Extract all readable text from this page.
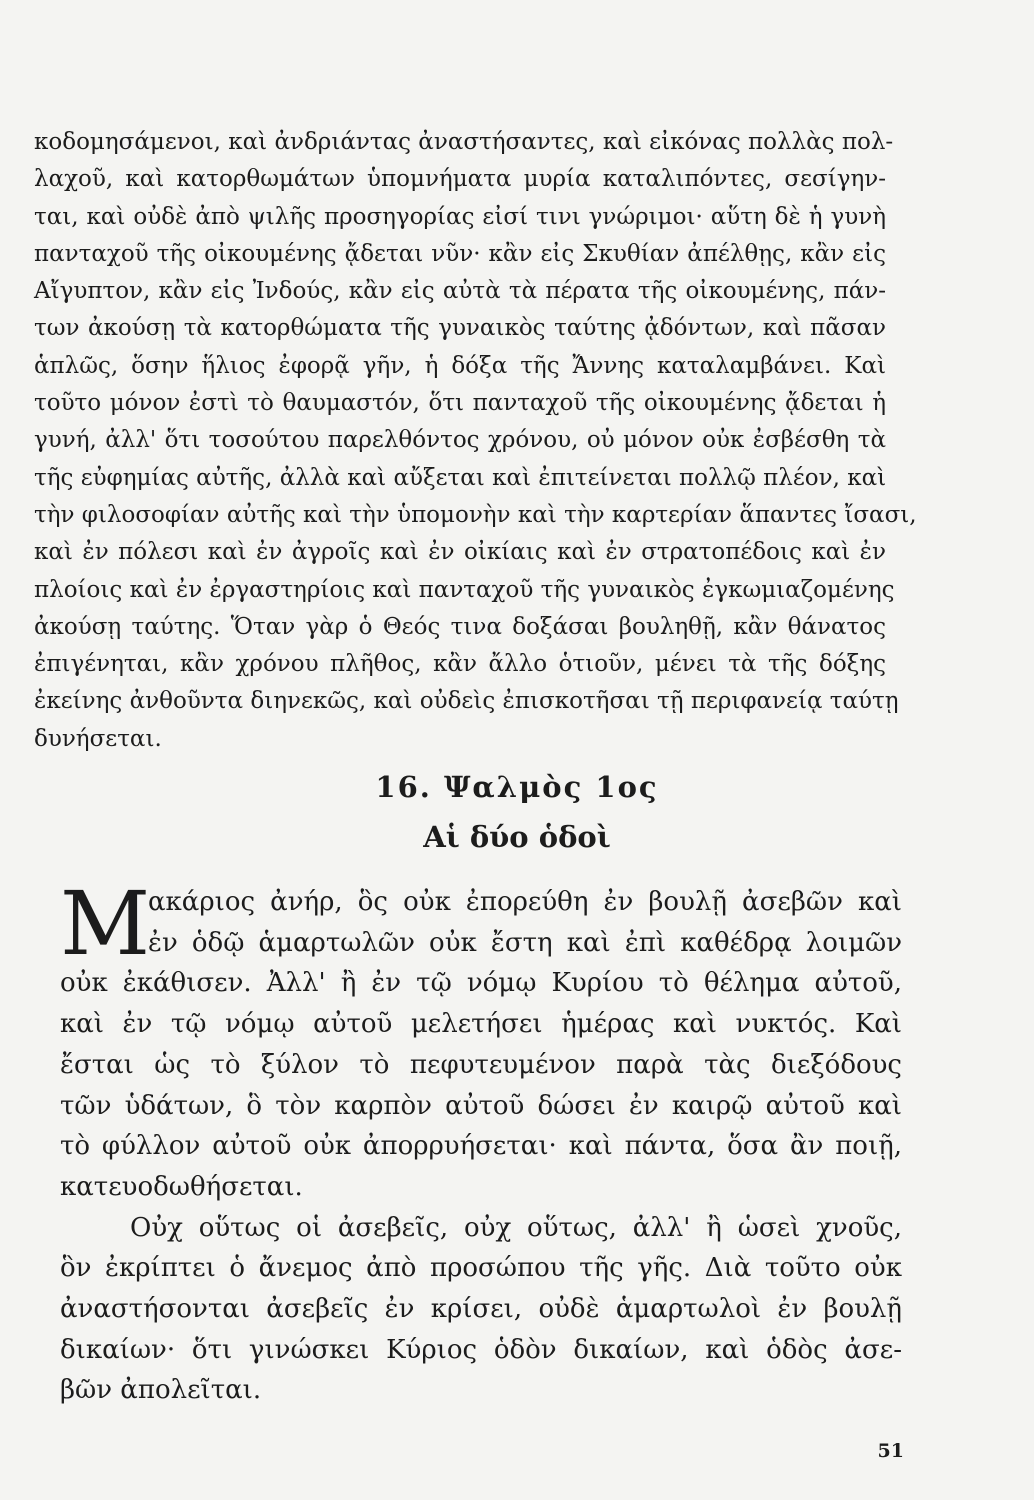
κοδομησάμενοι, καὶ ἀνδριάντας ἀναστήσαντες, καὶ εἰκόνας πολλὰς πολ-
λαχοῦ, καὶ κατορθωμάτων ὑπομνήματα μυρία καταλιπόντες, σεσίγην-
ται, καὶ οὐδὲ ἀπὸ ψιλῆς προσηγορίας εἰσί τινι γνώριμοι· αὕτη δὲ ἡ γυνὴ
πανταχοῦ τῆς οἰκουμένης ᾄδεται νῦν· κἂν εἰς Σκυθίαν ἀπέλθῃς, κἂν εἰς
Αἴγυπτον, κἂν εἰς Ἰνδούς, κἂν εἰς αὐτὰ τὰ πέρατα τῆς οἰκουμένης, πάν-
των ἀκούσῃ τὰ κατορθώματα τῆς γυναικὸς ταύτης ᾀδόντων, καὶ πᾶσαν
ἁπλῶς, ὅσην ἥλιος ἐφορᾷ γῆν, ἡ δόξα τῆς Ἄννης καταλαμβάνει. Καὶ
τοῦτο μόνον ἐστὶ τὸ θαυμαστόν, ὅτι πανταχοῦ τῆς οἰκουμένης ᾄδεται ἡ
γυνή, ἀλλ' ὅτι τοσούτου παρελθόντος χρόνου, οὐ μόνον οὐκ ἐσβέσθη τὰ
τῆς εὐφημίας αὐτῆς, ἀλλὰ καὶ αὔξεται καὶ ἐπιτείνεται πολλῷ πλέον, καὶ
τὴν φιλοσοφίαν αὐτῆς καὶ τὴν ὑπομονὴν καὶ τὴν καρτερίαν ἅπαντες ἴσασι,
καὶ ἐν πόλεσι καὶ ἐν ἀγροῖς καὶ ἐν οἰκίαις καὶ ἐν στρατοπέδοις καὶ ἐν
πλοίοις καὶ ἐν ἐργαστηρίοις καὶ πανταχοῦ τῆς γυναικὸς ἐγκωμιαζομένης
ἀκούσῃ ταύτης. Ὅταν γὰρ ὁ Θεός τινα δοξάσαι βουληθῇ, κἂν θάνατος
ἐπιγένηται, κἂν χρόνου πλῆθος, κἂν ἄλλο ὁτιοῦν, μένει τὰ τῆς δόξης
ἐκείνης ἀνθοῦντα διηνεκῶς, καὶ οὐδεὶς ἐπισκοτῆσαι τῇ περιφανείᾳ ταύτῃ
δυνήσεται.
16. Ψαλμὸς 1ος
Αἱ δύο ὁδοὶ
Μ
ακάριος ἀνήρ, ὃς οὐκ ἐπορεύθη ἐν βουλῇ ἀσεβῶν καὶ
ἐν ὁδῷ ἁμαρτωλῶν οὐκ ἔστη καὶ ἐπὶ καθέδρᾳ λοιμῶν
οὐκ ἐκάθισεν. Ἀλλ' ἢ ἐν τῷ νόμῳ Κυρίου τὸ θέλημα αὐτοῦ,
καὶ ἐν τῷ νόμῳ αὐτοῦ μελετήσει ἡμέρας καὶ νυκτός. Καὶ
ἔσται ὡς τὸ ξύλον τὸ πεφυτευμένον παρὰ τὰς διεξόδους
τῶν ὑδάτων, ὃ τὸν καρπὸν αὐτοῦ δώσει ἐν καιρῷ αὐτοῦ καὶ
τὸ φύλλον αὐτοῦ οὐκ ἀπορρυήσεται· καὶ πάντα, ὅσα ἂν ποιῇ,
κατευοδωθήσεται.
Οὐχ οὕτως οἱ ἀσεβεῖς, οὐχ οὕτως, ἀλλ' ἢ ὡσεὶ χνοῦς,
ὃν ἐκρίπτει ὁ ἄνεμος ἀπὸ προσώπου τῆς γῆς. Διὰ τοῦτο οὐκ
ἀναστήσονται ἀσεβεῖς ἐν κρίσει, οὐδὲ ἁμαρτωλοὶ ἐν βουλῇ
δικαίων· ὅτι γινώσκει Κύριος ὁδὸν δικαίων, καὶ ὁδὸς ἀσε-
βῶν ἀπολεῖται.
51
